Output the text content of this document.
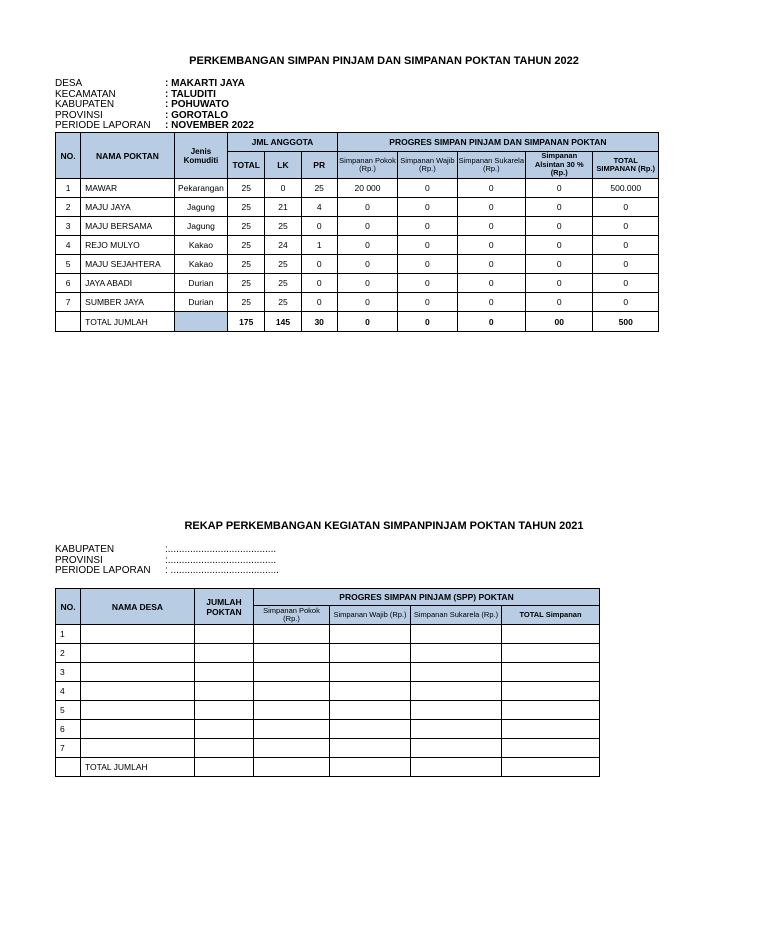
PERKEMBANGAN SIMPAN PINJAM DAN SIMPANAN POKTAN TAHUN 2022
DESA	: MAKARTI JAYA
KECAMATAN	: TALUDITI
KABUPATEN	: POHUWATO
PROVINSI	: GOROTALO
PERIODE LAPORAN	: NOVEMBER 2022
NO.	NAMA POKTAN	Jenis Komuditi	JML ANGGOTA			PROGRES SIMPAN PINJAM DAN SIMPANAN POKTAN				
			TOTAL	LK	PR	Simpanan Pokok (Rp.)	Simpanan Wajib (Rp.)	Simpanan Sukarela (Rp.)	Simpanan Alsintan 30 % (Rp.)	TOTAL SIMPANAN (Rp.)
1	MAWAR	Pekarangan	25	0	25	20 000	0	0	0	500.000
2	MAJU JAYA	Jagung	25	21	4	0	0	0	0	0
3	MAJU BERSAMA	Jagung	25	25	0	0	0	0	0	0
4	REJO MULYO	Kakao	25	24	1	0	0	0	0	0
5	MAJU SEJAHTERA	Kakao	25	25	0	0	0	0	0	0
6	JAYA ABADI	Durian	25	25	0	0	0	0	0	0
7	SUMBER JAYA	Durian	25	25	0	0	0	0	0	0
	TOTAL JUMLAH		175	145	30	0	0	0	00	500
REKAP PERKEMBANGAN KEGIATAN SIMPANPINJAM POKTAN TAHUN 2021
KABUPATEN	:.......................................
PROVINSI	:.......................................
PERIODE LAPORAN	: .......................................
NO.	NAMA DESA	JUMLAH POKTAN	PROGRES SIMPAN PINJAM (SPP) POKTAN			
			Simpanan Pokok (Rp.)	Simpanan Wajib (Rp.)	Simpanan Sukarela (Rp.)	TOTAL Simpanan
1						
2						
3						
4						
5						
6						
7						
	TOTAL JUMLAH					
